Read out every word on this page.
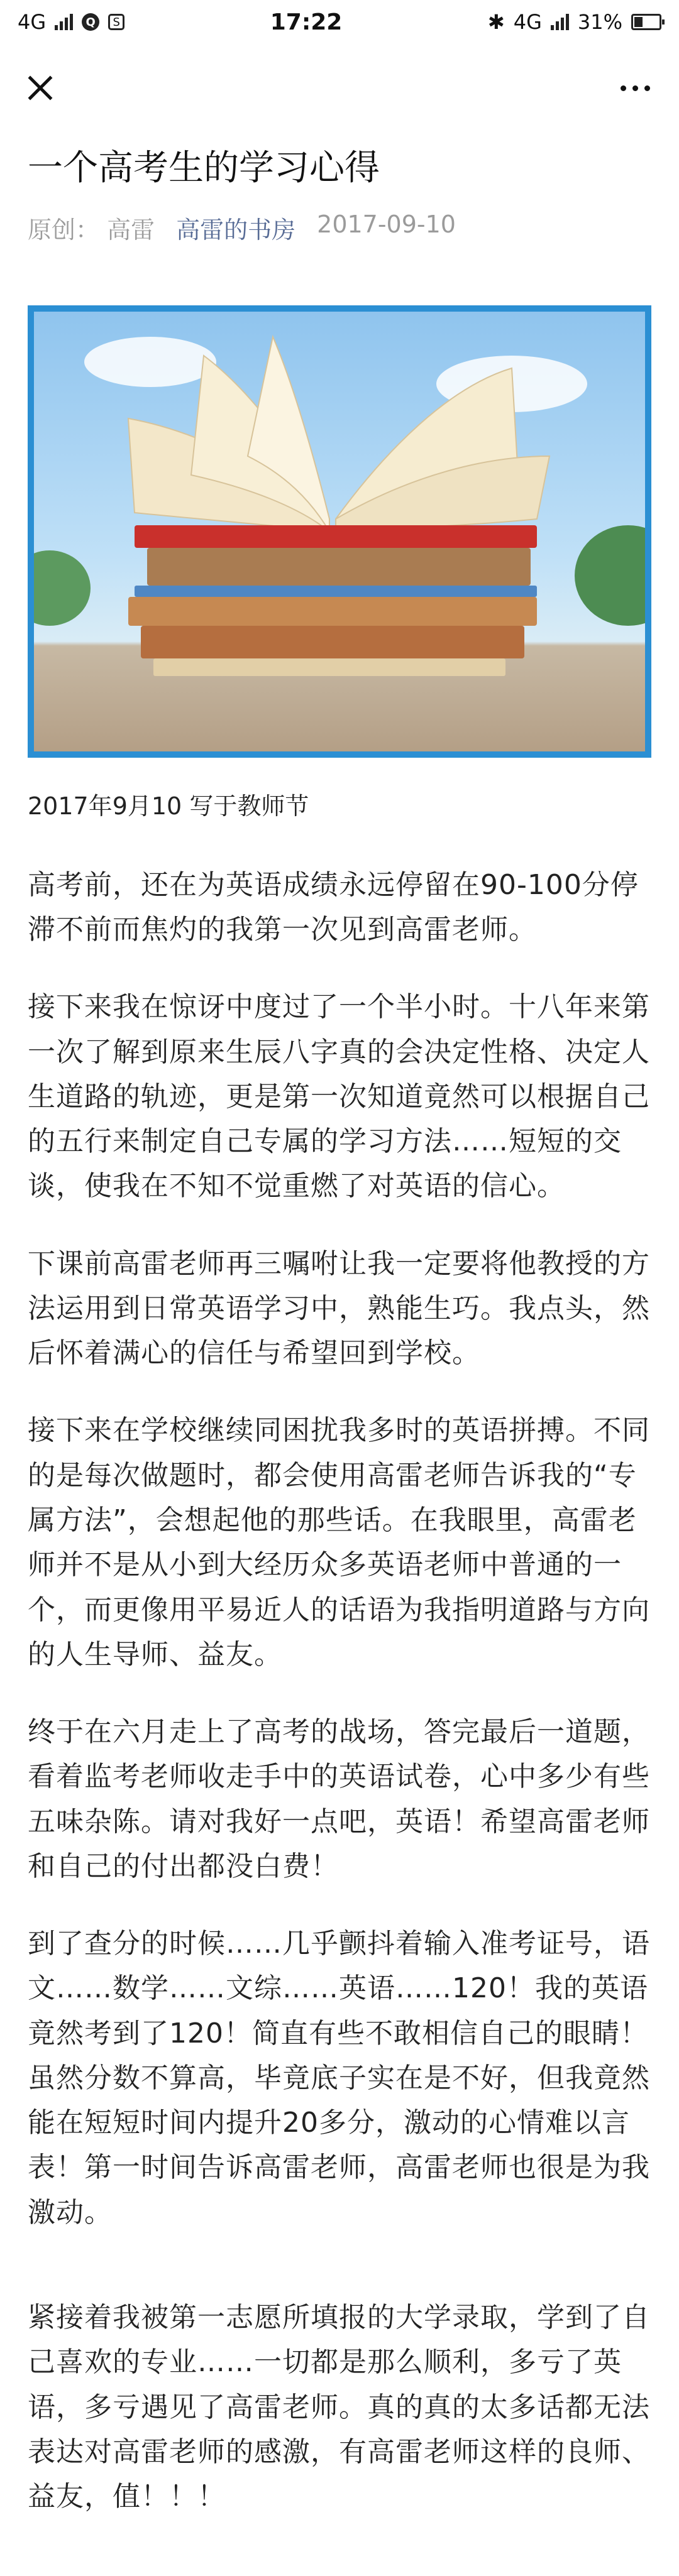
4G	Q	S	17:22	✱ 4G 31%
一个高考生的学习心得
原创： 高雷 高雷的书房 2017-09-10
2017年9月10 写于教师节

高考前，还在为英语成绩永远停留在90-100分停滞不前而焦灼的我第一次见到高雷老师。

接下来我在惊讶中度过了一个半小时。十八年来第一次了解到原来生辰八字真的会决定性格、决定人生道路的轨迹，更是第一次知道竟然可以根据自己的五行来制定自己专属的学习方法……短短的交谈，使我在不知不觉重燃了对英语的信心。

下课前高雷老师再三嘱咐让我一定要将他教授的方法运用到日常英语学习中，熟能生巧。我点头，然后怀着满心的信任与希望回到学校。

接下来在学校继续同困扰我多时的英语拼搏。不同的是每次做题时，都会使用高雷老师告诉我的“专属方法”，会想起他的那些话。在我眼里，高雷老师并不是从小到大经历众多英语老师中普通的一个，而更像用平易近人的话语为我指明道路与方向的人生导师、益友。

终于在六月走上了高考的战场，答完最后一道题，看着监考老师收走手中的英语试卷，心中多少有些五味杂陈。请对我好一点吧，英语！希望高雷老师和自己的付出都没白费！

到了查分的时候……几乎颤抖着输入准考证号，语文……数学……文综……英语……120！我的英语竟然考到了120！简直有些不敢相信自己的眼睛！虽然分数不算高，毕竟底子实在是不好，但我竟然能在短短时间内提升20多分，激动的心情难以言表！第一时间告诉高雷老师，高雷老师也很是为我激动。

紧接着我被第一志愿所填报的大学录取，学到了自己喜欢的专业……一切都是那么顺利，多亏了英语，多亏遇见了高雷老师。真的真的太多话都无法表达对高雷老师的感激，有高雷老师这样的良师、益友，值！！！
